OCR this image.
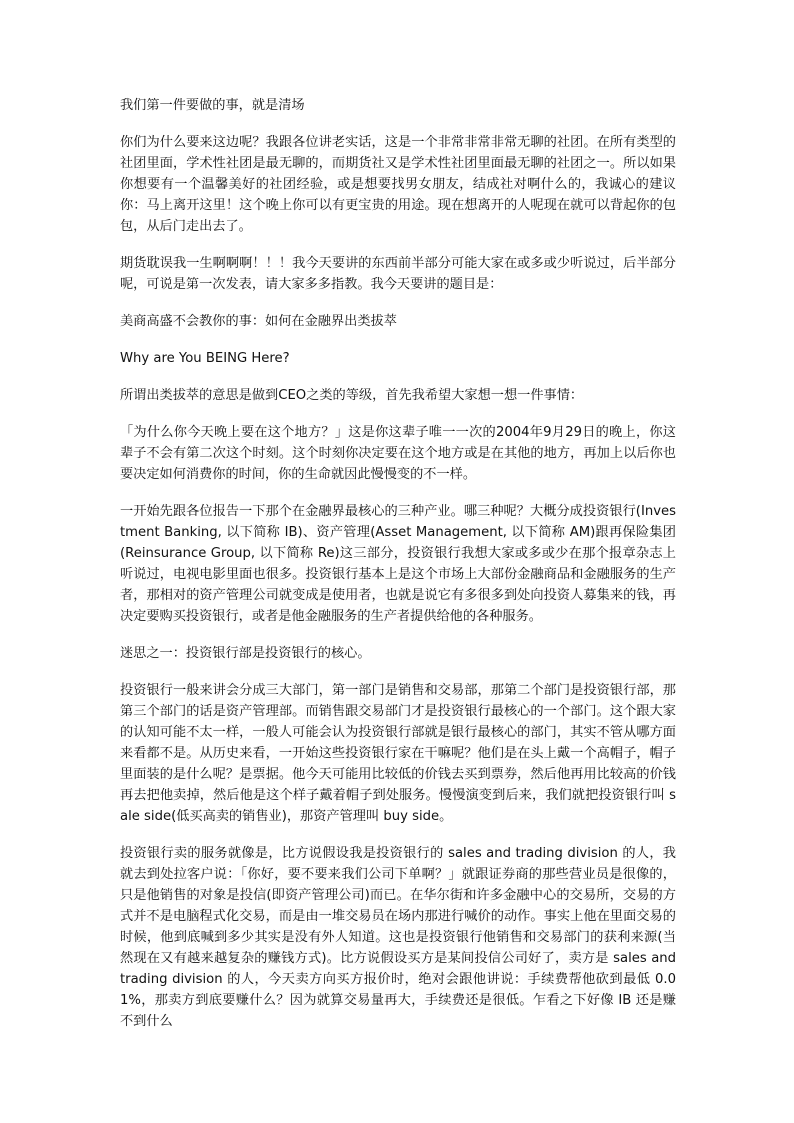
我们第一件要做的事，就是清场

你们为什么要来这边呢？我跟各位讲老实话，这是一个非常非常非常无聊的社团。在所有类型的社团里面，学术性社团是最无聊的，而期货社又是学术性社团里面最无聊的社团之一。所以如果你想要有一个温馨美好的社团经验，或是想要找男女朋友，结成社对啊什么的，我诚心的建议你：马上离开这里！这个晚上你可以有更宝贵的用途。现在想离开的人呢现在就可以背起你的包包，从后门走出去了。

期货耽误我一生啊啊啊！！！我今天要讲的东西前半部分可能大家在或多或少听说过，后半部分呢，可说是第一次发表，请大家多多指教。我今天要讲的题目是：

美商高盛不会教你的事：如何在金融界出类拔萃

Why are You BEING Here?

所谓出类拔萃的意思是做到CEO之类的等级，首先我希望大家想一想一件事情：

「为什么你今天晚上要在这个地方？」这是你这辈子唯一一次的2004年9月29日的晚上，你这辈子不会有第二次这个时刻。这个时刻你决定要在这个地方或是在其他的地方，再加上以后你也要决定如何消费你的时间，你的生命就因此慢慢变的不一样。

一开始先跟各位报告一下那个在金融界最核心的三种产业。哪三种呢？大概分成投资银行(Investment Banking, 以下简称 IB)、资产管理(Asset Management, 以下简称 AM)跟再保险集团(Reinsurance Group, 以下简称 Re)这三部分，投资银行我想大家或多或少在那个报章杂志上听说过，电视电影里面也很多。投资银行基本上是这个市场上大部份金融商品和金融服务的生产者，那相对的资产管理公司就变成是使用者，也就是说它有多很多到处向投资人募集来的钱，再决定要购买投资银行，或者是他金融服务的生产者提供给他的各种服务。

迷思之一：投资银行部是投资银行的核心。

投资银行一般来讲会分成三大部门，第一部门是销售和交易部，那第二个部门是投资银行部，那第三个部门的话是资产管理部。而销售跟交易部门才是投资银行最核心的一个部门。这个跟大家的认知可能不太一样，一般人可能会认为投资银行部就是银行最核心的部门，其实不管从哪方面来看都不是。从历史来看，一开始这些投资银行家在干嘛呢？他们是在头上戴一个高帽子，帽子里面装的是什么呢？是票据。他今天可能用比较低的价钱去买到票券，然后他再用比较高的价钱再去把他卖掉，然后他是这个样子戴着帽子到处服务。慢慢演变到后来，我们就把投资银行叫 sale side(低买高卖的销售业)，那资产管理叫 buy side。

投资银行卖的服务就像是，比方说假设我是投资银行的 sales and trading division 的人，我就去到处拉客户说：「你好，要不要来我们公司下单啊？」就跟证券商的那些营业员是很像的，只是他销售的对象是投信(即资产管理公司)而已。在华尔街和许多金融中心的交易所，交易的方式并不是电脑程式化交易，而是由一堆交易员在场内那进行喊价的动作。事实上他在里面交易的时候，他到底喊到多少其实是没有外人知道。这也是投资银行他销售和交易部门的获利来源(当然现在又有越来越复杂的赚钱方式)。比方说假设买方是某间投信公司好了，卖方是 sales and trading division 的人，今天卖方向买方报价时，绝对会跟他讲说：手续费帮他砍到最低 0.01%，那卖方到底要赚什么？因为就算交易量再大，手续费还是很低。乍看之下好像 IB 还是赚不到什么
